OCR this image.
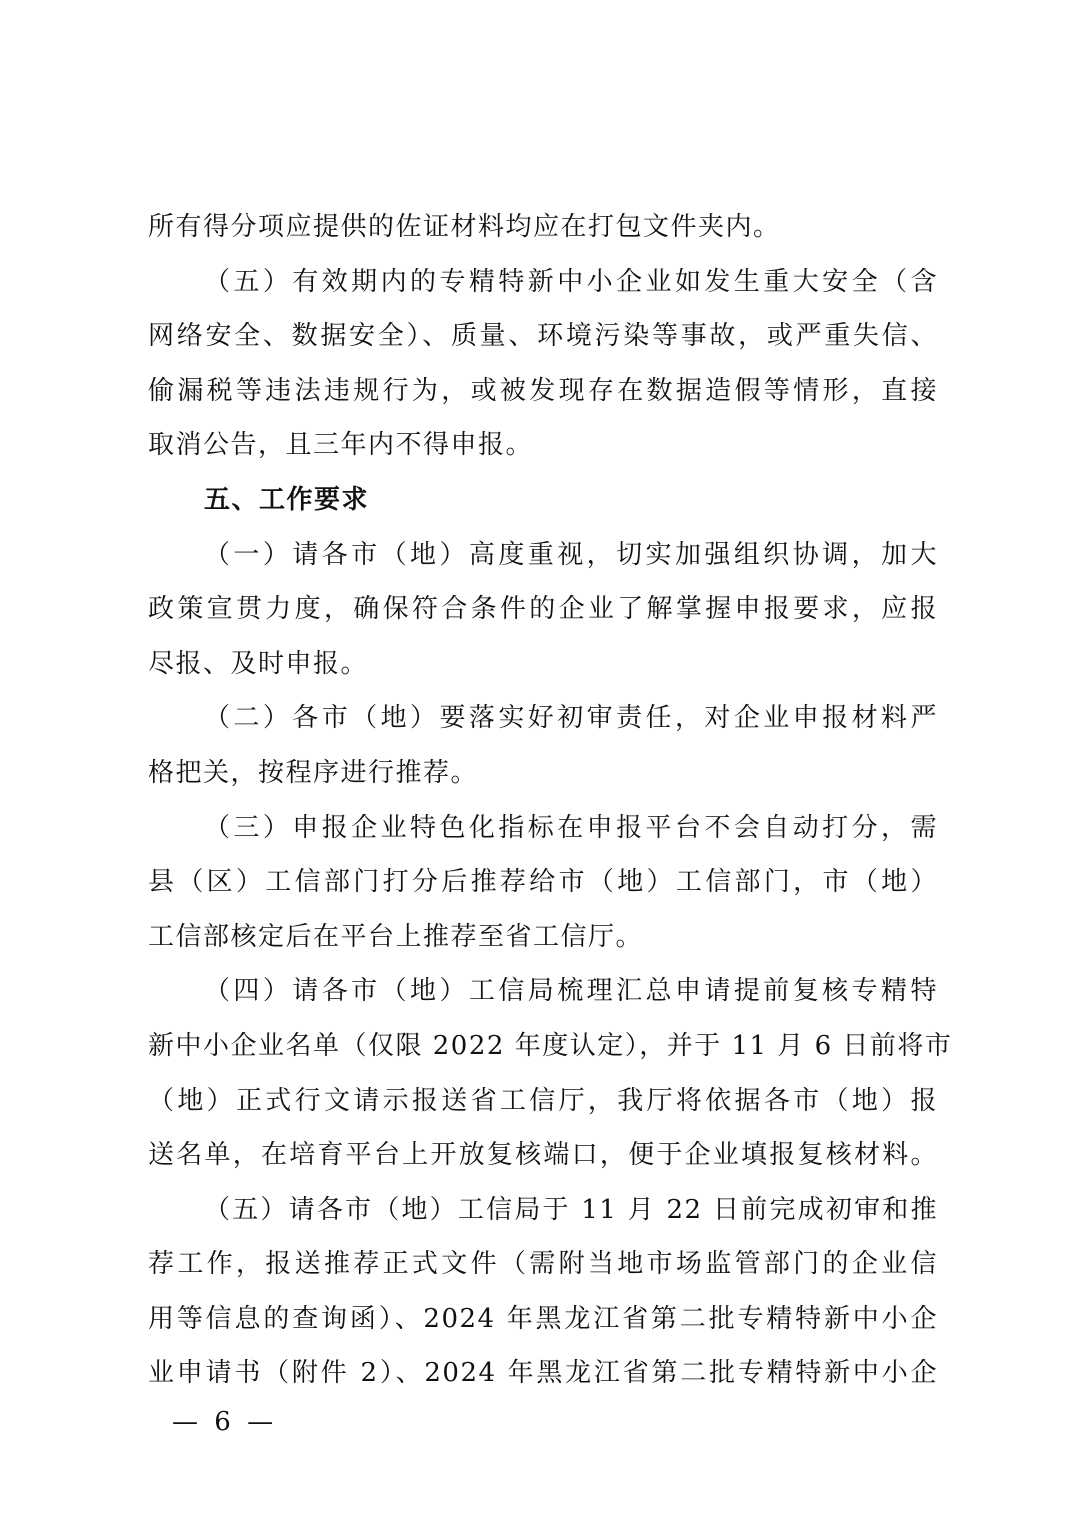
所有得分项应提供的佐证材料均应在打包文件夹内。
（五）有效期内的专精特新中小企业如发生重大安全（含
网络安全、数据安全）、质量、环境污染等事故，或严重失信、
偷漏税等违法违规行为，或被发现存在数据造假等情形，直接
取消公告，且三年内不得申报。
五、工作要求
（一）请各市（地）高度重视，切实加强组织协调，加大
政策宣贯力度，确保符合条件的企业了解掌握申报要求，应报
尽报、及时申报。
（二）各市（地）要落实好初审责任，对企业申报材料严
格把关，按程序进行推荐。
（三）申报企业特色化指标在申报平台不会自动打分，需
县（区）工信部门打分后推荐给市（地）工信部门，市（地）
工信部核定后在平台上推荐至省工信厅。
（四）请各市（地）工信局梳理汇总申请提前复核专精特
新中小企业名单（仅限 2022 年度认定），并于 11 月 6 日前将市
（地）正式行文请示报送省工信厅，我厅将依据各市（地）报
送名单，在培育平台上开放复核端口，便于企业填报复核材料。
（五）请各市（地）工信局于 11 月 22 日前完成初审和推
荐工作，报送推荐正式文件（需附当地市场监管部门的企业信
用等信息的查询函）、2024 年黑龙江省第二批专精特新中小企
业申请书（附件 2）、2024 年黑龙江省第二批专精特新中小企
— 6 —
